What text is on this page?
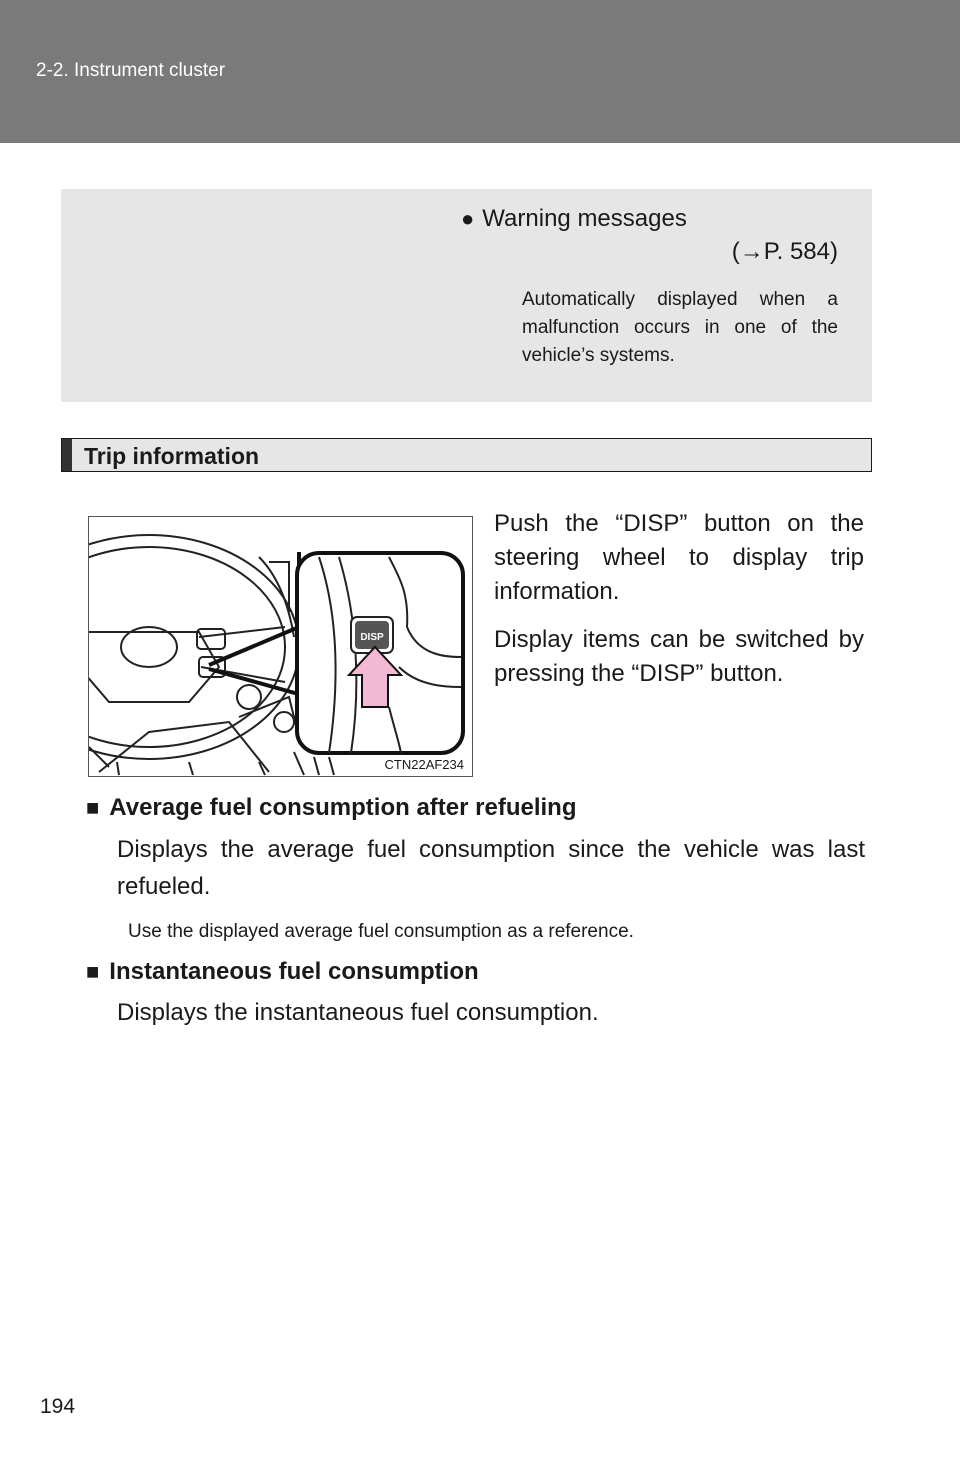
2-2. Instrument cluster
● Warning messages
(→P. 584)
Automatically displayed when a malfunction occurs in one of the vehicle’s systems.
Trip information
DISP
CTN22AF234
Push the “DISP” button on the steering wheel to display trip information.
Display items can be switched by pressing the “DISP” button.
■ Average fuel consumption after refueling
Displays the average fuel consumption since the vehicle was last refueled.
Use the displayed average fuel consumption as a reference.
■ Instantaneous fuel consumption
Displays the instantaneous fuel consumption.
194
